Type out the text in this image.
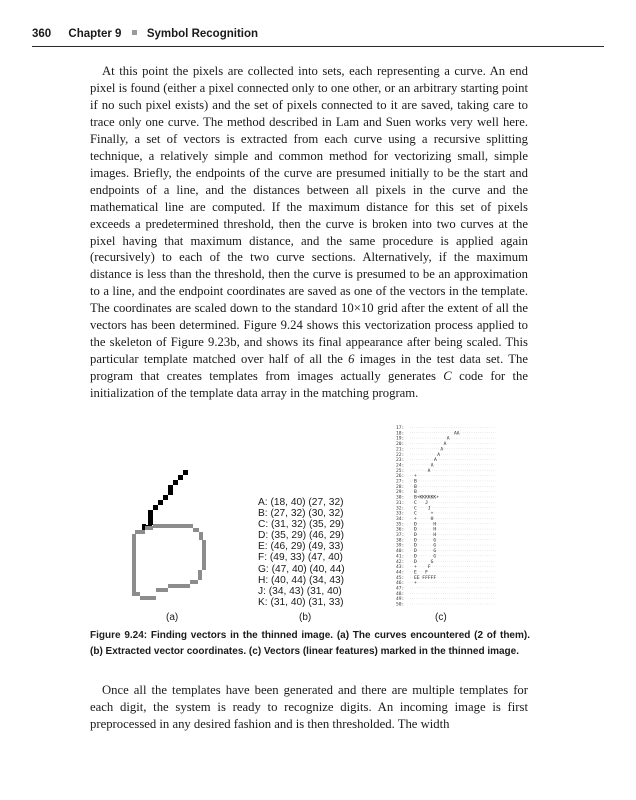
360 Chapter 9 Symbol Recognition

At this point the pixels are collected into sets, each representing a curve. An end pixel is found (either a pixel connected only to one other, or an arbitrary starting point if no such pixel exists) and the set of pixels connected to it are saved, taking care to trace only one curve. The method described in Lam and Suen works very well here. Finally, a set of vectors is extracted from each curve using a recursive splitting technique, a relatively simple and common method for vectorizing small, simple images. Briefly, the endpoints of the curve are presumed initially to be the start and endpoints of a line, and the distances between all pixels in the curve and the mathematical line are computed. If the maximum distance for this set of pixels exceeds a predetermined threshold, then the curve is broken into two curves at the pixel having that maximum distance, and the same procedure is applied again (recursively) to each of the two curve sections. Alternatively, if the maximum distance is less than the threshold, then the curve is presumed to be an approximation to a line, and the endpoint coordinates are saved as one of the vectors in the template. The coordinates are scaled down to the standard 10×10 grid after the extent of all the vectors has been determined. Figure 9.24 shows this vectorization process applied to the skeleton of Figure 9.23b, and shows its final appearance after being scaled. This particular template matched over half of all the 6 images in the test data set. The program that creates templates from images actually generates C code for the initialization of the template data array in the matching program.

A: (18, 40) (27, 32)
B: (27, 32) (30, 32)
C: (31, 32) (35, 29)
D: (35, 29) (46, 29)
E: (46, 29) (49, 33)
F: (49, 33) (47, 40)
G: (47, 40) (40, 44)
H: (40, 44) (34, 43)
J: (34, 43) (31, 40)
K: (31, 40) (31, 33)
17:
18:	AA
19:	A
20:	A
21:	A
22:	A
23:	A
24:	A
25:	A
26: +
27: B
28: B
29: B
30: B+KKKKKK+
31: C   J
32: C    J
33: C     +
34: +     H
35: D      H
36: D      H
37: D      H
38: D      G
39: D      G
40: D      G
41: D      G
42: D     G
43: +    F
44: E   F
45: EE FFFFF
46: +
47:
48:
49:
50:
(a)	(b)	(c)

Figure 9.24: Finding vectors in the thinned image. (a) The curves encountered (2 of them). (b) Extracted vector coordinates. (c) Vectors (linear features) marked in the thinned image.

Once all the templates have been generated and there are multiple templates for each digit, the system is ready to recognize digits. An incoming image is first preprocessed in any desired fashion and is then thresholded. The width
